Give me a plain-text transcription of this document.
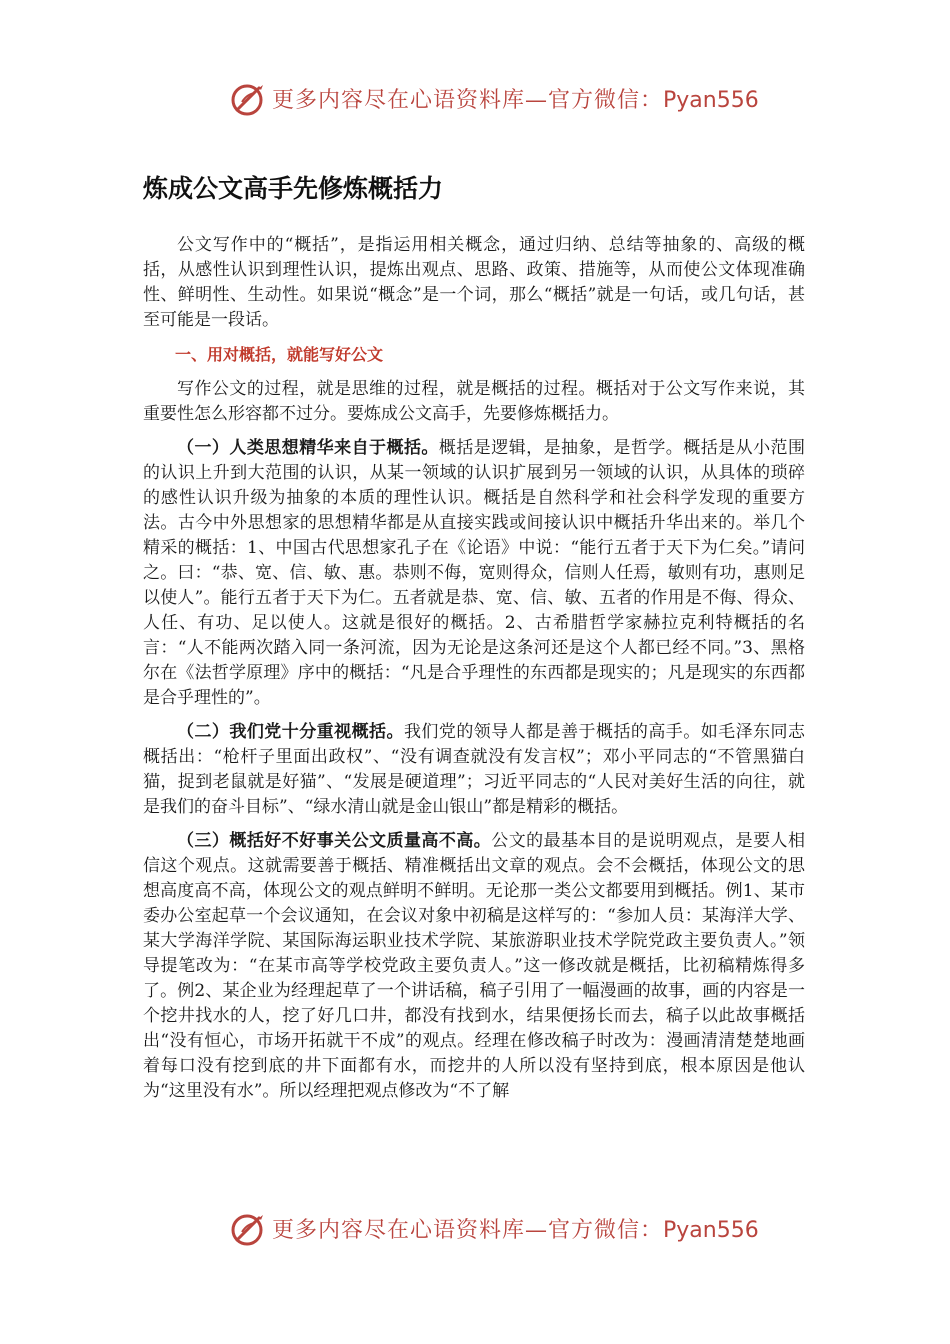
更多内容尽在心语资料库—官方微信：Pyan556
炼成公文高手先修炼概括力

公文写作中的“概括”，是指运用相关概念，通过归纳、总结等抽象的、高级的概括，从感性认识到理性认识，提炼出观点、思路、政策、措施等，从而使公文体现准确性、鲜明性、生动性。如果说“概念”是一个词，那么“概括”就是一句话，或几句话，甚至可能是一段话。

一、用对概括，就能写好公文

写作公文的过程，就是思维的过程，就是概括的过程。概括对于公文写作来说，其重要性怎么形容都不过分。要炼成公文高手，先要修炼概括力。

（一）人类思想精华来自于概括。概括是逻辑，是抽象，是哲学。概括是从小范围的认识上升到大范围的认识，从某一领域的认识扩展到另一领域的认识，从具体的琐碎的感性认识升级为抽象的本质的理性认识。概括是自然科学和社会科学发现的重要方法。古今中外思想家的思想精华都是从直接实践或间接认识中概括升华出来的。举几个精采的概括：1、中国古代思想家孔子在《论语》中说：“能行五者于天下为仁矣。”请问之。曰：“恭、宽、信、敏、惠。恭则不侮，宽则得众，信则人任焉，敏则有功，惠则足以使人”。能行五者于天下为仁。五者就是恭、宽、信、敏、五者的作用是不侮、得众、人任、有功、足以使人。这就是很好的概括。2、古希腊哲学家赫拉克利特概括的名言：“人不能两次踏入同一条河流，因为无论是这条河还是这个人都已经不同。”3、黑格尔在《法哲学原理》序中的概括：“凡是合乎理性的东西都是现实的；凡是现实的东西都是合乎理性的”。

（二）我们党十分重视概括。我们党的领导人都是善于概括的高手。如毛泽东同志概括出：“枪杆子里面出政权”、“没有调查就没有发言权”；邓小平同志的“不管黑猫白猫，捉到老鼠就是好猫”、“发展是硬道理”；习近平同志的“人民对美好生活的向往，就是我们的奋斗目标”、“绿水清山就是金山银山”都是精彩的概括。

（三）概括好不好事关公文质量高不高。公文的最基本目的是说明观点，是要人相信这个观点。这就需要善于概括、精准概括出文章的观点。会不会概括，体现公文的思想高度高不高，体现公文的观点鲜明不鲜明。无论那一类公文都要用到概括。例1、某市委办公室起草一个会议通知，在会议对象中初稿是这样写的：“参加人员：某海洋大学、某大学海洋学院、某国际海运职业技术学院、某旅游职业技术学院党政主要负责人。”领导提笔改为：“在某市高等学校党政主要负责人。”这一修改就是概括，比初稿精炼得多了。例2、某企业为经理起草了一个讲话稿，稿子引用了一幅漫画的故事，画的内容是一个挖井找水的人，挖了好几口井，都没有找到水，结果便扬长而去，稿子以此故事概括出“没有恒心，市场开拓就干不成”的观点。经理在修改稿子时改为：漫画清清楚楚地画着每口没有挖到底的井下面都有水，而挖井的人所以没有坚持到底，根本原因是他认为“这里没有水”。所以经理把观点修改为“不了解

更多内容尽在心语资料库—官方微信：Pyan556
